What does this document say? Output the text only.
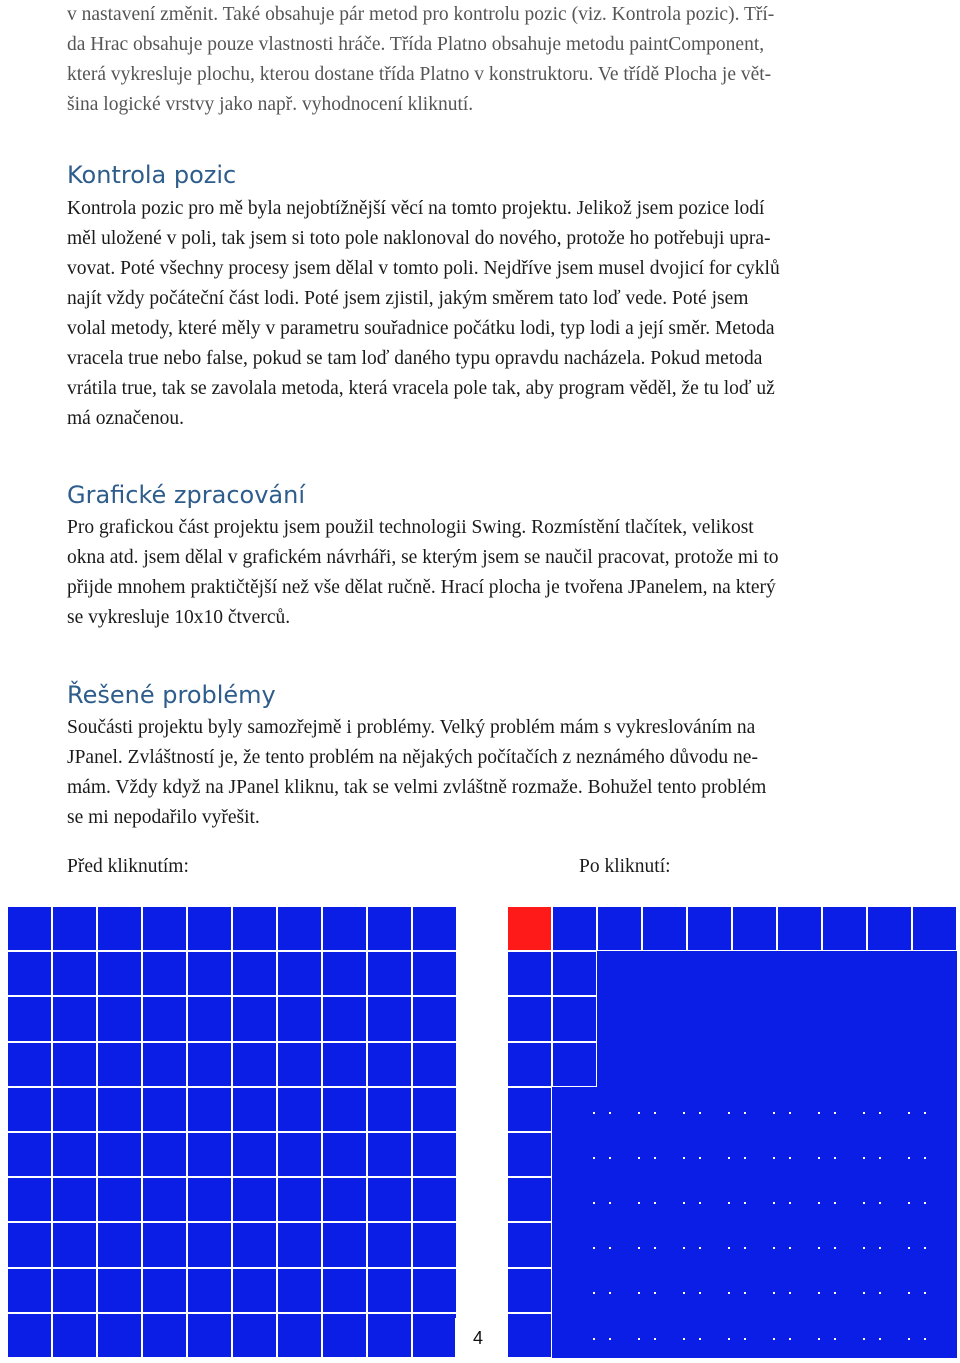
v nastavení změnit. Také obsahuje pár metod pro kontrolu pozic (viz. Kontrola pozic). Tří-
da Hrac obsahuje pouze vlastnosti hráče. Třída Platno obsahuje metodu paintComponent,
která vykresluje plochu, kterou dostane třída Platno v konstruktoru. Ve třídě Plocha je vět-
šina logické vrstvy jako např. vyhodnocení kliknutí.
Kontrola pozic
Kontrola pozic pro mě byla nejobtížnější věcí na tomto projektu. Jelikož jsem pozice lodí
měl uložené v poli, tak jsem si toto pole naklonoval do nového, protože ho potřebuji upra-
vovat. Poté všechny procesy jsem dělal v tomto poli. Nejdříve jsem musel dvojicí for cyklů
najít vždy počáteční část lodi. Poté jsem zjistil, jakým směrem tato loď vede. Poté jsem
volal metody, které měly v parametru souřadnice počátku lodi, typ lodi a její směr. Metoda
vracela true nebo false, pokud se tam loď daného typu opravdu nacházela. Pokud metoda
vrátila true, tak se zavolala metoda, která vracela pole tak, aby program věděl, že tu loď už
má označenou.
Grafické zpracování
Pro grafickou část projektu jsem použil technologii Swing. Rozmístění tlačítek, velikost
okna atd. jsem dělal v grafickém návrháři, se kterým jsem se naučil pracovat, protože mi to
přijde mnohem praktičtější než vše dělat ručně. Hrací plocha je tvořena JPanelem, na který
se vykresluje 10x10 čtverců.
Řešené problémy
Součásti projektu byly samozřejmě i problémy. Velký problém mám s vykreslováním na
JPanel. Zvláštností je, že tento problém na nějakých počítačích z neznámého důvodu ne-
mám. Vždy když na JPanel kliknu, tak se velmi zvláštně rozmaže. Bohužel tento problém
se mi nepodařilo vyřešit.
Před kliknutím:	Po kliknutí:
4
